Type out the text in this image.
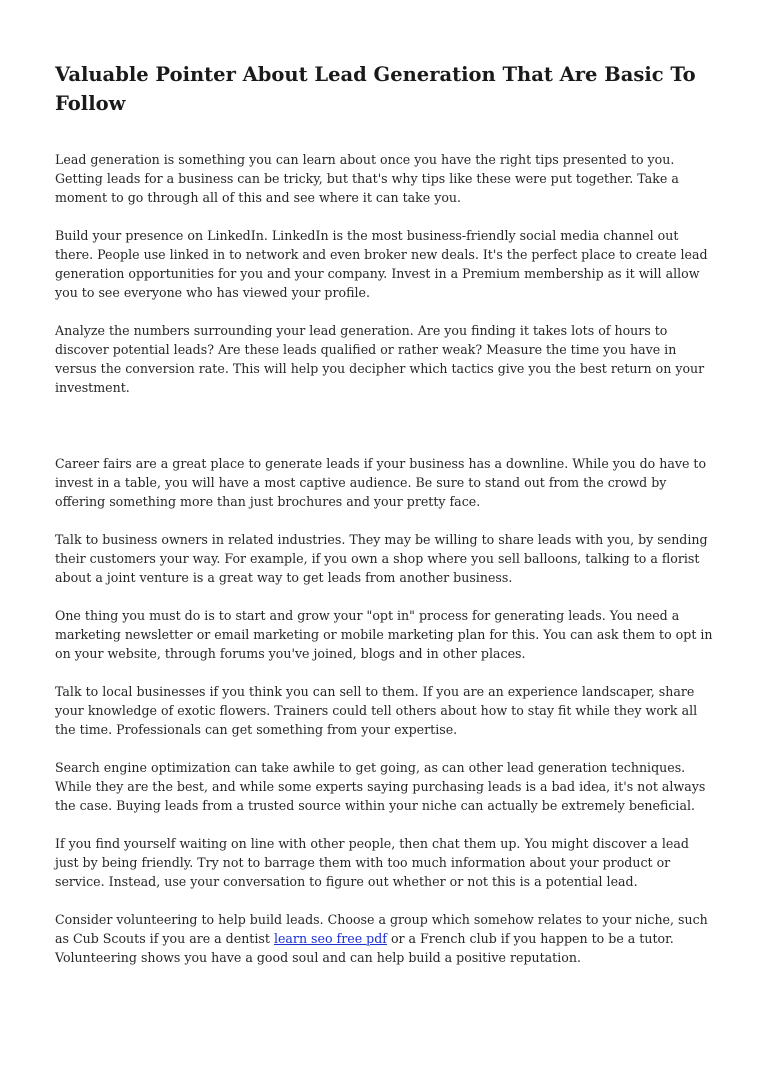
Valuable Pointer About Lead Generation That Are Basic To Follow

Lead generation is something you can learn about once you have the right tips presented to you. Getting leads for a business can be tricky, but that's why tips like these were put together. Take a moment to go through all of this and see where it can take you.

Build your presence on LinkedIn. LinkedIn is the most business-friendly social media channel out there. People use linked in to network and even broker new deals. It's the perfect place to create lead generation opportunities for you and your company. Invest in a Premium membership as it will allow you to see everyone who has viewed your profile.

Analyze the numbers surrounding your lead generation. Are you finding it takes lots of hours to discover potential leads? Are these leads qualified or rather weak? Measure the time you have in versus the conversion rate. This will help you decipher which tactics give you the best return on your investment.

Career fairs are a great place to generate leads if your business has a downline. While you do have to invest in a table, you will have a most captive audience. Be sure to stand out from the crowd by offering something more than just brochures and your pretty face.

Talk to business owners in related industries. They may be willing to share leads with you, by sending their customers your way. For example, if you own a shop where you sell balloons, talking to a florist about a joint venture is a great way to get leads from another business.

One thing you must do is to start and grow your "opt in" process for generating leads. You need a marketing newsletter or email marketing or mobile marketing plan for this. You can ask them to opt in on your website, through forums you've joined, blogs and in other places.

Talk to local businesses if you think you can sell to them. If you are an experience landscaper, share your knowledge of exotic flowers. Trainers could tell others about how to stay fit while they work all the time. Professionals can get something from your expertise.

Search engine optimization can take awhile to get going, as can other lead generation techniques. While they are the best, and while some experts saying purchasing leads is a bad idea, it's not always the case. Buying leads from a trusted source within your niche can actually be extremely beneficial.

If you find yourself waiting on line with other people, then chat them up. You might discover a lead just by being friendly. Try not to barrage them with too much information about your product or service. Instead, use your conversation to figure out whether or not this is a potential lead.

Consider volunteering to help build leads. Choose a group which somehow relates to your niche, such as Cub Scouts if you are a dentist learn seo free pdf or a French club if you happen to be a tutor. Volunteering shows you have a good soul and can help build a positive reputation.
